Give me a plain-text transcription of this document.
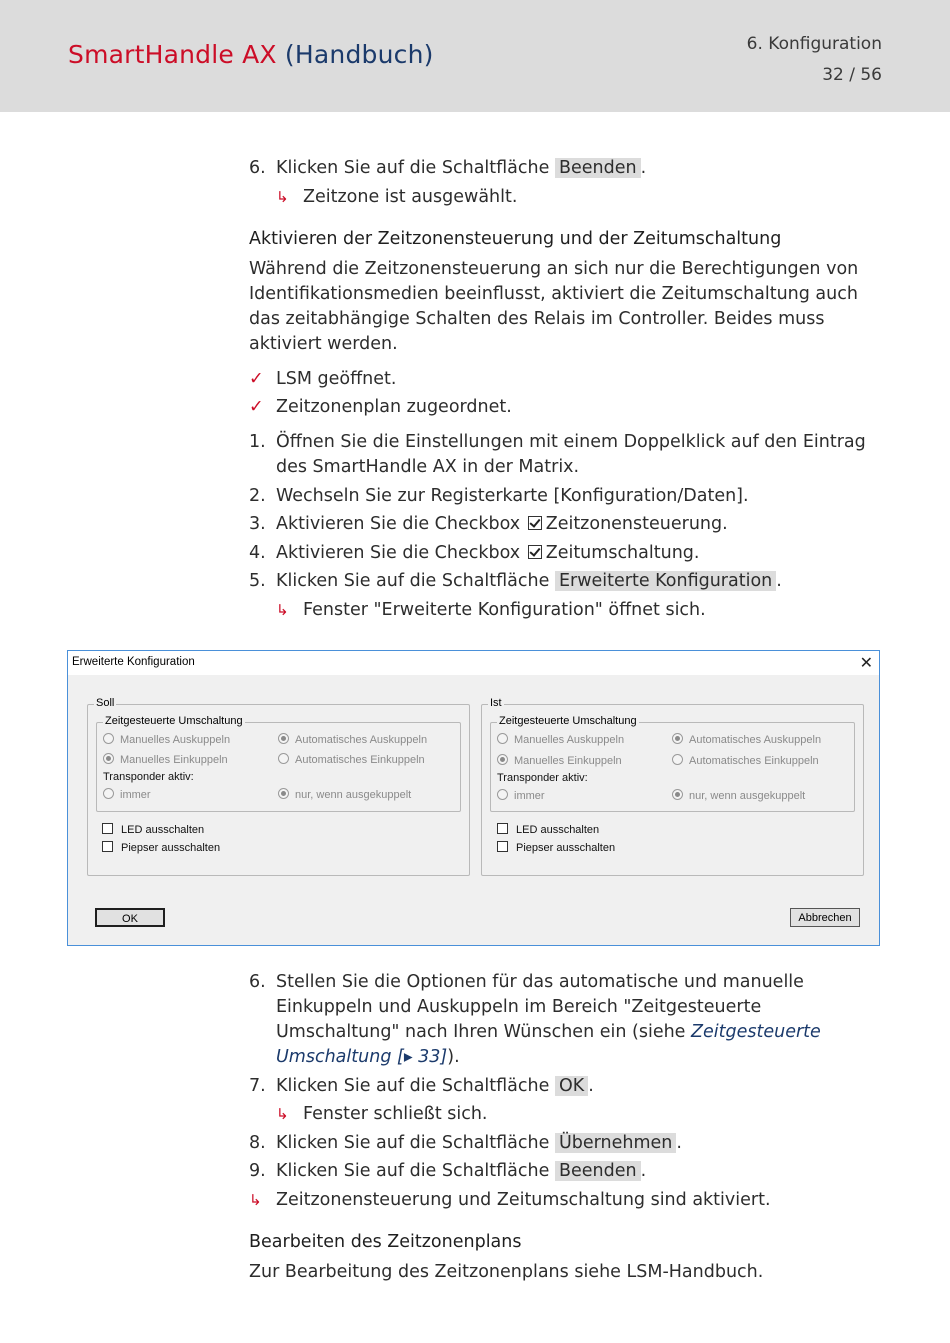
SmartHandle AX (Handbuch)	6. Konfiguration
32 / 56
6. Klicken Sie auf die Schaltfläche Beenden .
↳ Zeitzone ist ausgewählt.
Aktivieren der Zeitzonensteuerung und der Zeitumschaltung
Während die Zeitzonensteuerung an sich nur die Berechtigungen von Identifikationsmedien beeinflusst, aktiviert die Zeitumschaltung auch das zeitabhängige Schalten des Relais im Controller. Beides muss aktiviert werden.
✓ LSM geöffnet.
✓ Zeitzonenplan zugeordnet.
1. Öffnen Sie die Einstellungen mit einem Doppelklick auf den Eintrag des SmartHandle AX in der Matrix.
2. Wechseln Sie zur Registerkarte [Konfiguration/Daten].
3. Aktivieren Sie die Checkbox Zeitzonensteuerung.
4. Aktivieren Sie die Checkbox Zeitumschaltung.
5. Klicken Sie auf die Schaltfläche Erweiterte Konfiguration .
↳ Fenster "Erweiterte Konfiguration" öffnet sich.
Erweiterte Konfiguration	✕
Soll
Zeitgesteuerte Umschaltung
Manuelles Auskuppeln	Automatisches Auskuppeln
Manuelles Einkuppeln	Automatisches Einkuppeln
Transponder aktiv:
immer	nur, wenn ausgekuppelt
LED ausschalten
Piepser ausschalten
Ist
Zeitgesteuerte Umschaltung
Manuelles Auskuppeln	Automatisches Auskuppeln
Manuelles Einkuppeln	Automatisches Einkuppeln
Transponder aktiv:
immer	nur, wenn ausgekuppelt
LED ausschalten
Piepser ausschalten
OK	Abbrechen
6. Stellen Sie die Optionen für das automatische und manuelle Einkuppeln und Auskuppeln im Bereich "Zeitgesteuerte Umschaltung" nach Ihren Wünschen ein (siehe Zeitgesteuerte Umschaltung [▸ 33]).
7. Klicken Sie auf die Schaltfläche OK .
↳ Fenster schließt sich.
8. Klicken Sie auf die Schaltfläche Übernehmen .
9. Klicken Sie auf die Schaltfläche Beenden .
↳ Zeitzonensteuerung und Zeitumschaltung sind aktiviert.
Bearbeiten des Zeitzonenplans
Zur Bearbeitung des Zeitzonenplans siehe LSM-Handbuch.
